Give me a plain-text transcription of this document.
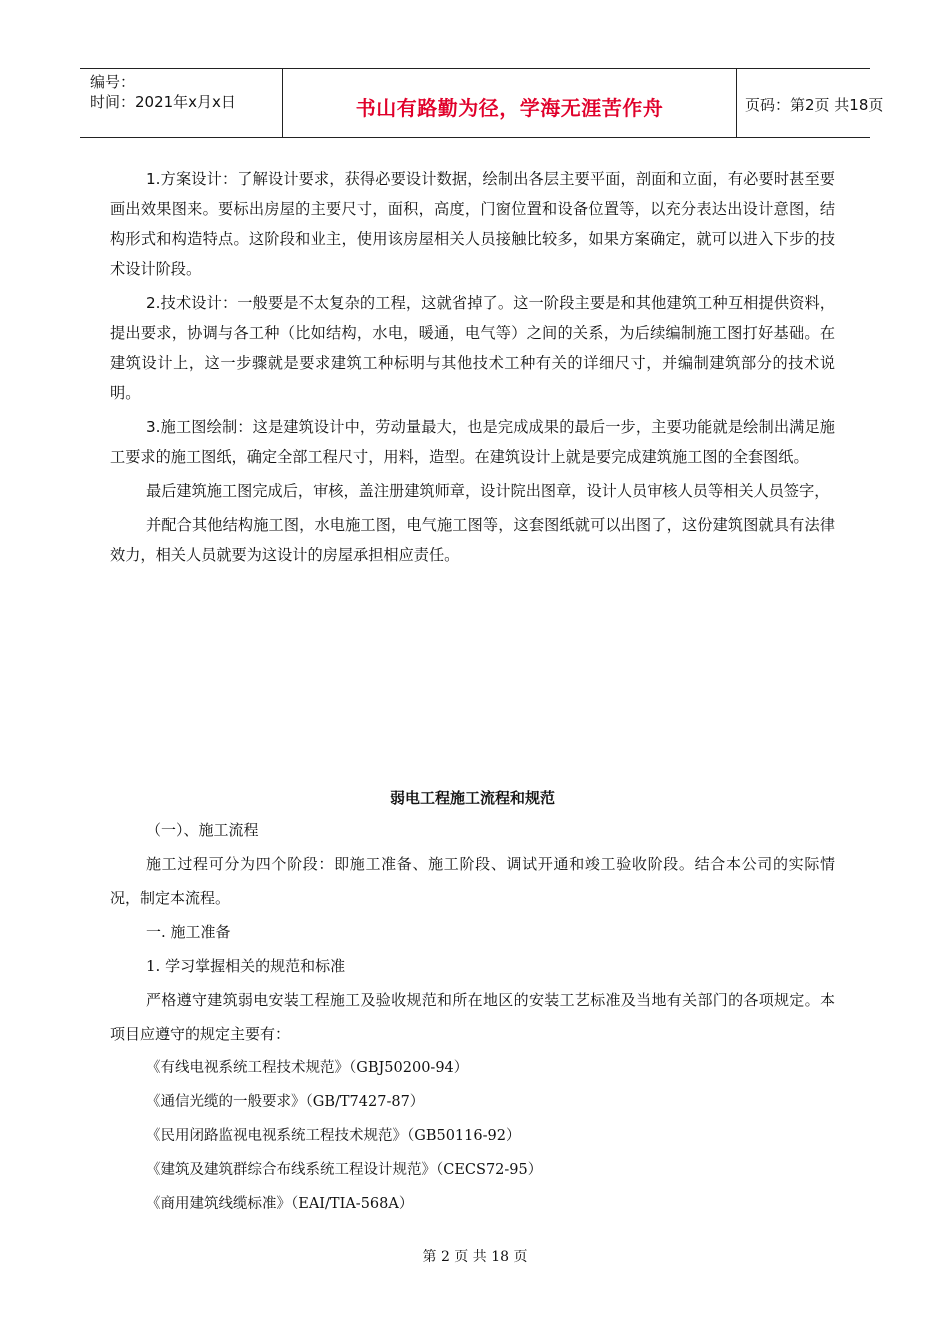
编号：
时间：2021年x月x日	书山有路勤为径，学海无涯苦作舟	页码：第2页 共18页

1.方案设计：了解设计要求，获得必要设计数据，绘制出各层主要平面，剖面和立面，有必要时甚至要画出效果图来。要标出房屋的主要尺寸，面积，高度，门窗位置和设备位置等，以充分表达出设计意图，结构形式和构造特点。这阶段和业主，使用该房屋相关人员接触比较多，如果方案确定，就可以进入下步的技术设计阶段。

2.技术设计：一般要是不太复杂的工程，这就省掉了。这一阶段主要是和其他建筑工种互相提供资料，提出要求，协调与各工种（比如结构，水电，暖通，电气等）之间的关系，为后续编制施工图打好基础。在建筑设计上，这一步骤就是要求建筑工种标明与其他技术工种有关的详细尺寸，并编制建筑部分的技术说明。

3.施工图绘制：这是建筑设计中，劳动量最大，也是完成成果的最后一步，主要功能就是绘制出满足施工要求的施工图纸，确定全部工程尺寸，用料，造型。在建筑设计上就是要完成建筑施工图的全套图纸。

最后建筑施工图完成后，审核，盖注册建筑师章，设计院出图章，设计人员审核人员等相关人员签字，

并配合其他结构施工图，水电施工图，电气施工图等，这套图纸就可以出图了，这份建筑图就具有法律效力，相关人员就要为这设计的房屋承担相应责任。

弱电工程施工流程和规范
（一）、施工流程
施工过程可分为四个阶段：即施工准备、施工阶段、调试开通和竣工验收阶段。结合本公司的实际情况，制定本流程。
一. 施工准备
1. 学习掌握相关的规范和标准
严格遵守建筑弱电安装工程施工及验收规范和所在地区的安装工艺标准及当地有关部门的各项规定。本项目应遵守的规定主要有：
《有线电视系统工程技术规范》（GBJ50200-94）
《通信光缆的一般要求》（GB/T7427-87）
《民用闭路监视电视系统工程技术规范》（GB50116-92）
《建筑及建筑群综合布线系统工程设计规范》（CECS72-95）
《商用建筑线缆标准》（EAI/TIA-568A）
第 2 页 共 18 页
